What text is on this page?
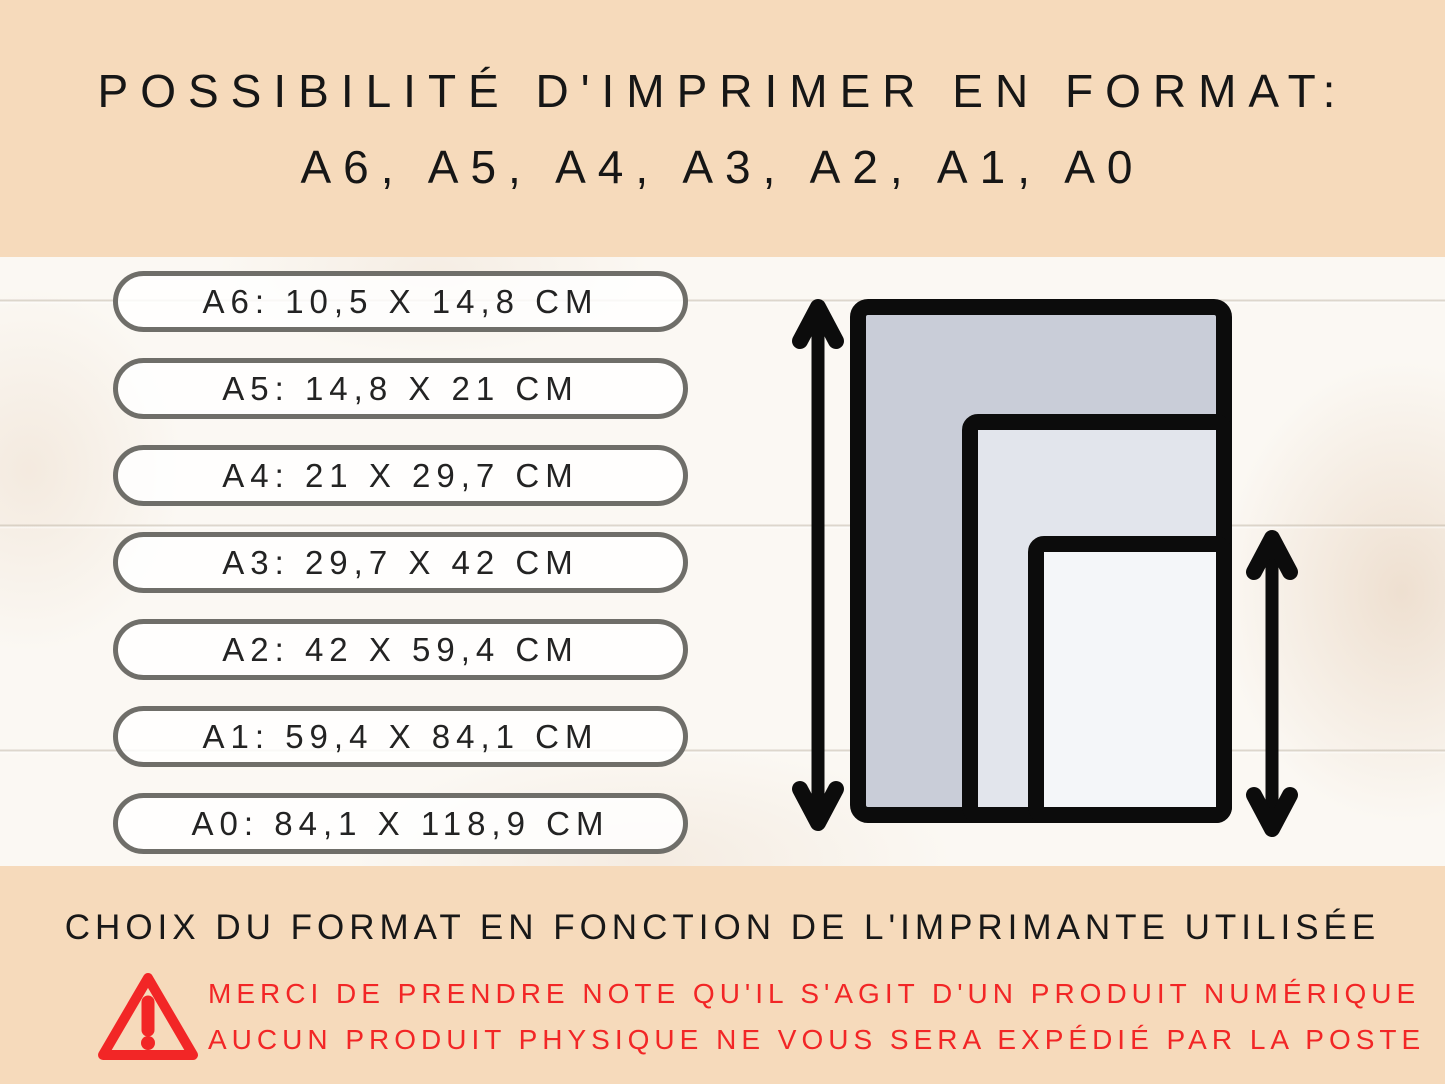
POSSIBILITÉ D'IMPRIMER EN FORMAT:
A6, A5, A4, A3, A2, A1, A0
A6: 10,5 X 14,8 CM
A5: 14,8 X 21 CM
A4: 21 X 29,7 CM
A3: 29,7 X 42 CM
A2: 42 X 59,4 CM
A1: 59,4 X 84,1 CM
A0: 84,1 X 118,9 CM
CHOIX DU FORMAT EN FONCTION DE L'IMPRIMANTE UTILISÉE
MERCI DE PRENDRE NOTE QU'IL S'AGIT D'UN PRODUIT NUMÉRIQUE
AUCUN PRODUIT PHYSIQUE NE VOUS SERA EXPÉDIÉ PAR LA POSTE
